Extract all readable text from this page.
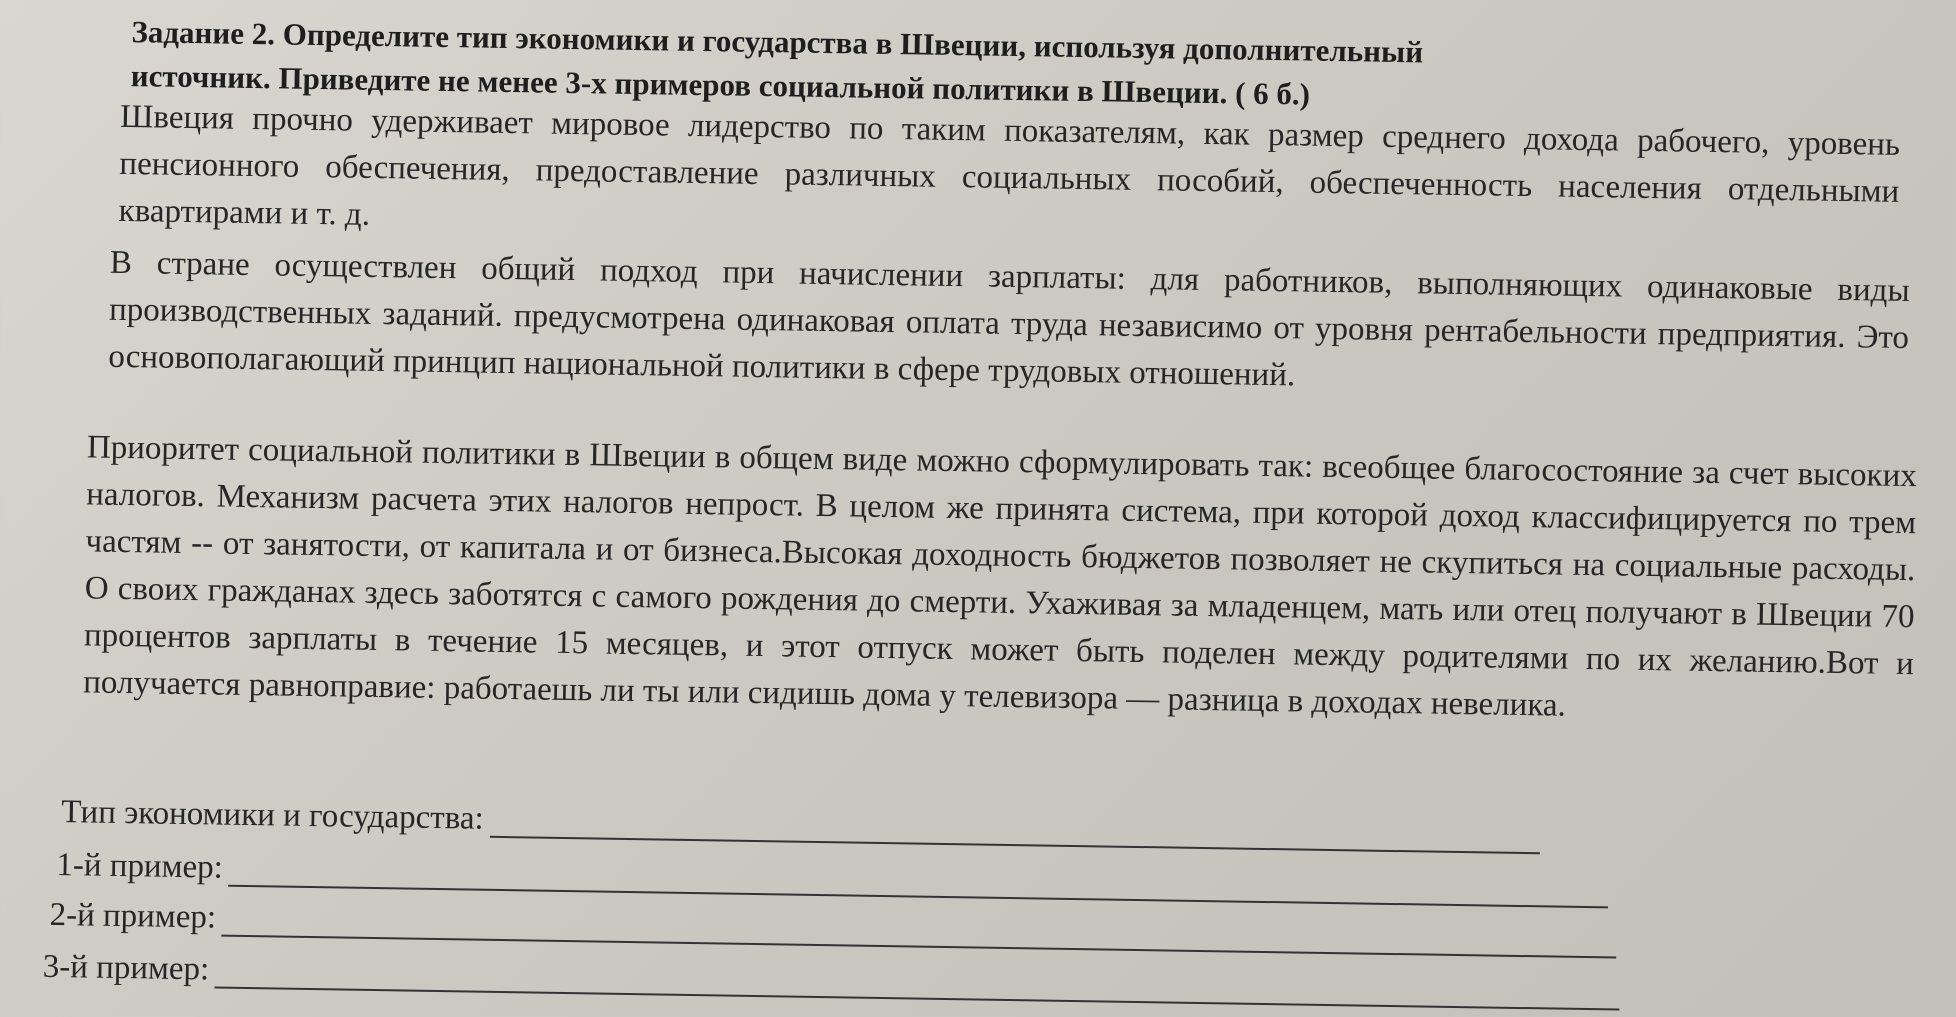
Задание 2. Определите тип экономики и государства в Швеции, используя дополнительный
источник. Приведите не менее 3-х примеров социальной политики в Швеции. ( 6 б.)
Швеция прочно удерживает мировое лидерство по таким показателям, как размер среднего дохода рабочего, уровень пенсионного обеспечения, предоставление различных социальных пособий, обеспеченность населения отдельными квартирами и т. д.
В стране осуществлен общий подход при начислении зарплаты: для работников, выполняющих одинаковые виды производственных заданий. предусмотрена одинаковая оплата труда независимо от уровня рентабельности предприятия. Это основополагающий принцип национальной политики в сфере трудовых отношений.
Приоритет социальной политики в Швеции в общем виде можно сформулировать так: всеобщее благосостояние за счет высоких налогов. Механизм расчета этих налогов непрост. В целом же принята система, при которой доход классифицируется по трем частям -- от занятости, от капитала и от бизнеса.Высокая доходность бюджетов позволяет не скупиться на социальные расходы. О своих гражданах здесь заботятся с самого рождения до смерти. Ухаживая за младенцем, мать или отец получают в Швеции 70 процентов зарплаты в течение 15 месяцев, и этот отпуск может быть поделен между родителями по их желанию.Вот и получается равноправие: работаешь ли ты или сидишь дома у телевизора — разница в доходах невелика.
Тип экономики и государства:
1-й пример:
2-й пример:
3-й пример:
